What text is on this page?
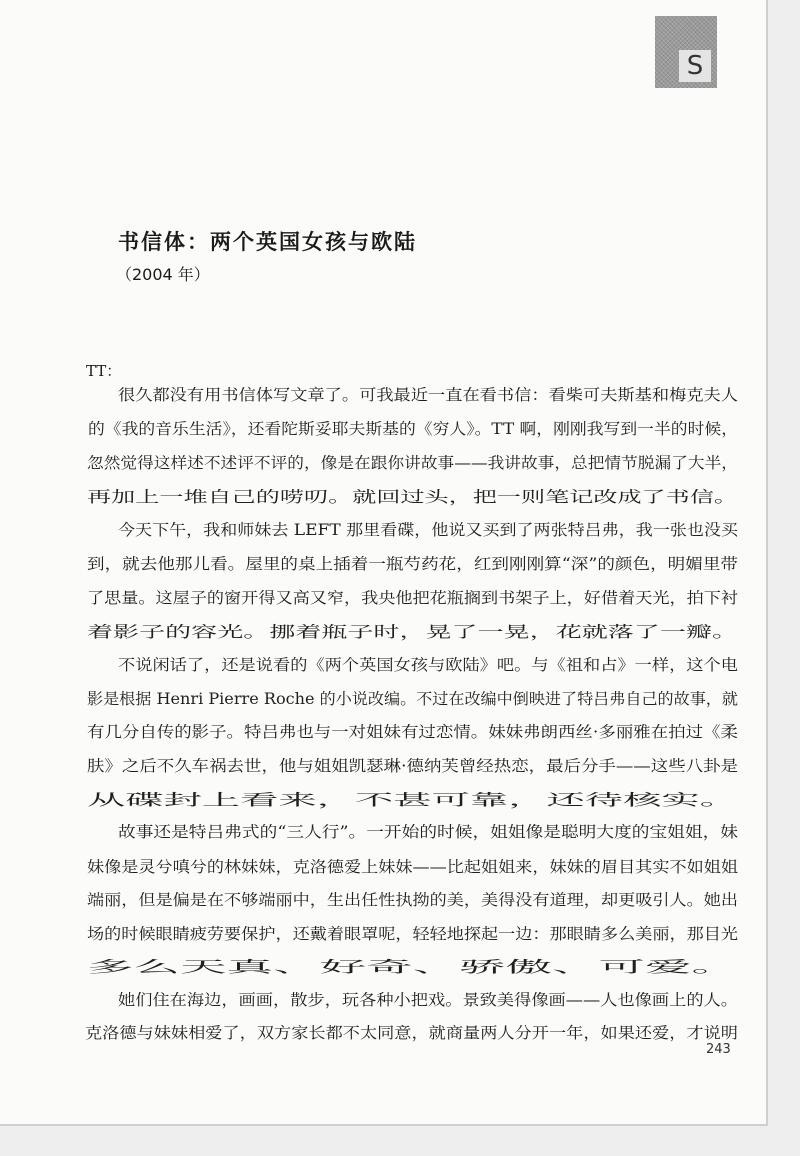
S
书信体：两个英国女孩与欧陆
（2004 年）
TT：
很久都没有用书信体写文章了。可我最近一直在看书信：看柴可夫斯基和梅克夫人
的《我的音乐生活》，还看陀斯妥耶夫斯基的《穷人》。TT 啊，刚刚我写到一半的时候，
忽然觉得这样述不述评不评的，像是在跟你讲故事——我讲故事，总把情节脱漏了大半，
再加上一堆自己的唠叨。就回过头，把一则笔记改成了书信。
今天下午，我和师妹去 LEFT 那里看碟，他说又买到了两张特吕弗，我一张也没买
到，就去他那儿看。屋里的桌上插着一瓶芍药花，红到刚刚算“深”的颜色，明媚里带
了思量。这屋子的窗开得又高又窄，我央他把花瓶搁到书架子上，好借着天光，拍下衬
着影子的容光。挪着瓶子时，晃了一晃，花就落了一瓣。
不说闲话了，还是说看的《两个英国女孩与欧陆》吧。与《祖和占》一样，这个电
影是根据 Henri Pierre Roche 的小说改编。不过在改编中倒映进了特吕弗自己的故事，就
有几分自传的影子。特吕弗也与一对姐妹有过恋情。妹妹弗朗西丝·多丽雅在拍过《柔
肤》之后不久车祸去世，他与姐姐凯瑟琳·德纳芙曾经热恋，最后分手——这些八卦是
从碟封上看来，不甚可靠，还待核实。
故事还是特吕弗式的“三人行”。一开始的时候，姐姐像是聪明大度的宝姐姐，妹
妹像是灵兮嗔兮的林妹妹，克洛德爱上妹妹——比起姐姐来，妹妹的眉目其实不如姐姐
端丽，但是偏是在不够端丽中，生出任性执拗的美，美得没有道理，却更吸引人。她出
场的时候眼睛疲劳要保护，还戴着眼罩呢，轻轻地探起一边：那眼睛多么美丽，那目光
多么天真、好奇、骄傲、可爱。
她们住在海边，画画，散步，玩各种小把戏。景致美得像画——人也像画上的人。
克洛德与妹妹相爱了，双方家长都不太同意，就商量两人分开一年，如果还爱，才说明
243
